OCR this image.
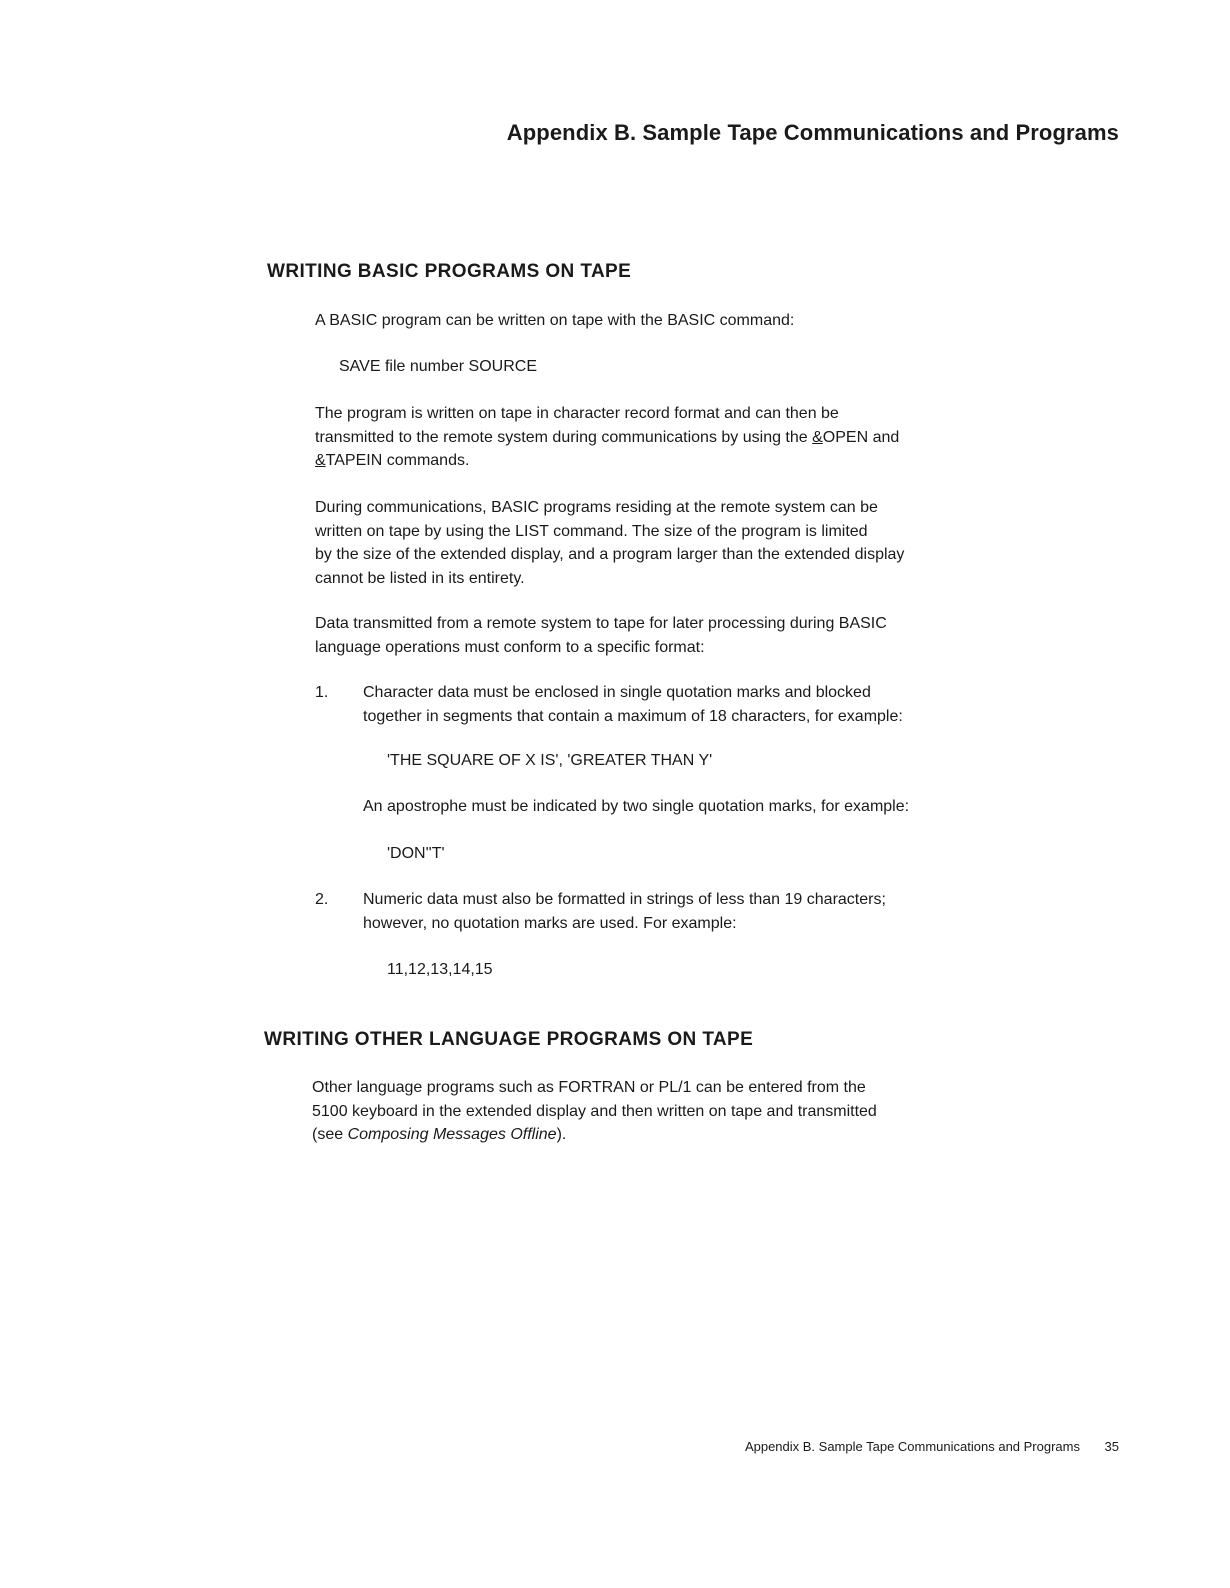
Appendix B. Sample Tape Communications and Programs
WRITING BASIC PROGRAMS ON TAPE
A BASIC program can be written on tape with the BASIC command:
SAVE file number SOURCE
The program is written on tape in character record format and can then be
transmitted to the remote system during communications by using the &OPEN and
&TAPEIN commands.
During communications, BASIC programs residing at the remote system can be
written on tape by using the LIST command. The size of the program is limited
by the size of the extended display, and a program larger than the extended display
cannot be listed in its entirety.
Data transmitted from a remote system to tape for later processing during BASIC
language operations must conform to a specific format:
1. Character data must be enclosed in single quotation marks and blocked
together in segments that contain a maximum of 18 characters, for example:
'THE SQUARE OF X IS', 'GREATER THAN Y'
An apostrophe must be indicated by two single quotation marks, for example:
'DON''T'
2. Numeric data must also be formatted in strings of less than 19 characters;
however, no quotation marks are used. For example:
11,12,13,14,15
WRITING OTHER LANGUAGE PROGRAMS ON TAPE
Other language programs such as FORTRAN or PL/1 can be entered from the
5100 keyboard in the extended display and then written on tape and transmitted
(see Composing Messages Offline).
Appendix B. Sample Tape Communications and Programs 35
